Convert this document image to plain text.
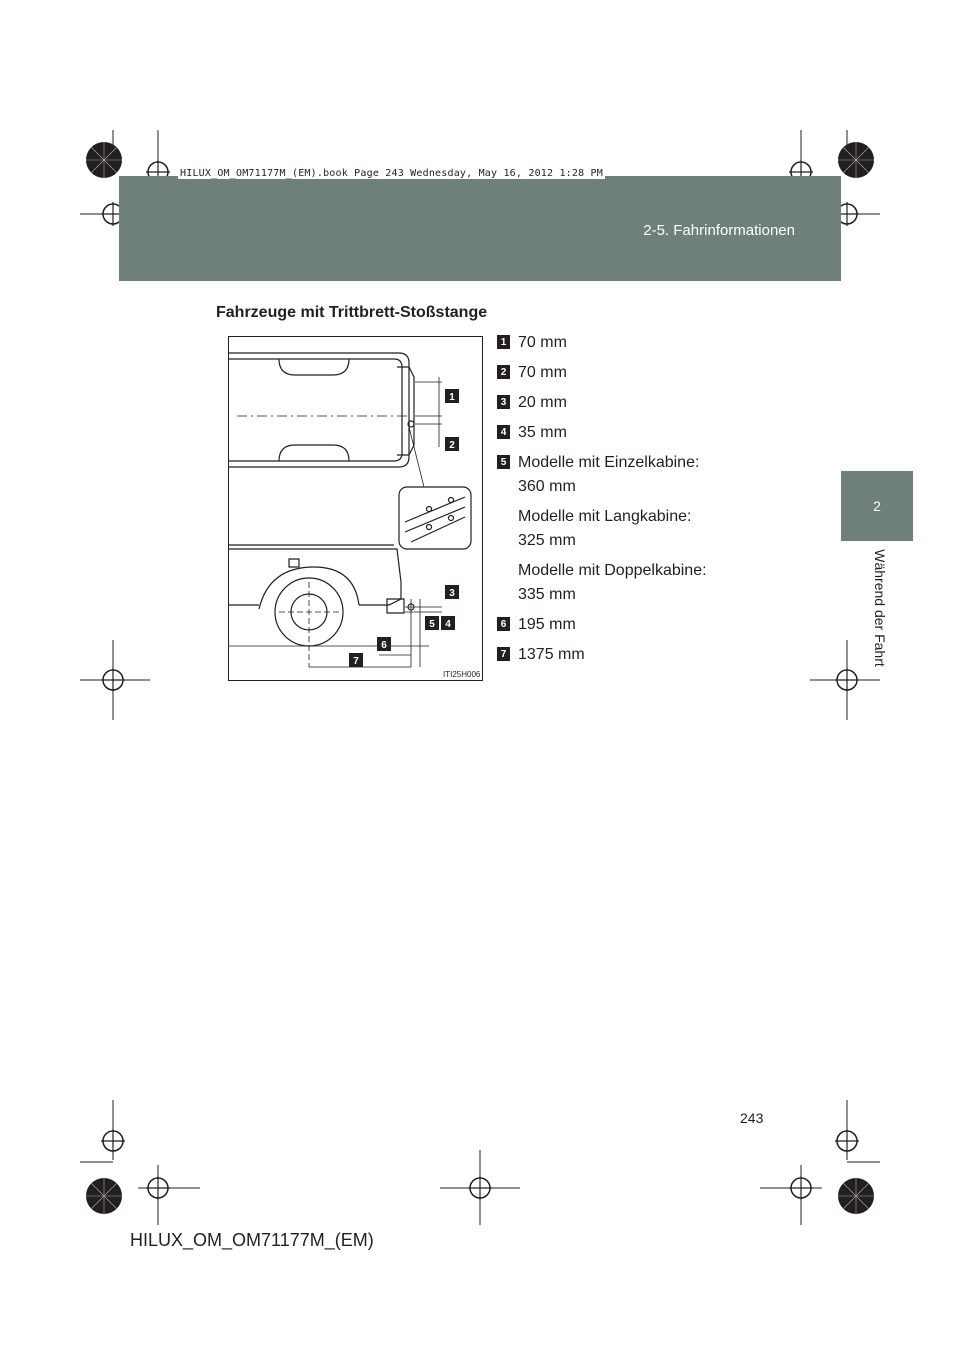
HILUX_OM_OM71177M_(EM).book Page 243 Wednesday, May 16, 2012 1:28 PM
2-5. Fahrinformationen
2
Während der Fahrt
Fahrzeuge mit Trittbrett-Stoßstange
1
2
3
4
5
6
7
ITI25H006
1 70 mm
2 70 mm
3 20 mm
4 35 mm
5 Modelle mit Einzelkabine:
360 mm
Modelle mit Langkabine:
325 mm
Modelle mit Doppelkabine:
335 mm
6 195 mm
7 1375 mm
243
HILUX_OM_OM71177M_(EM)
